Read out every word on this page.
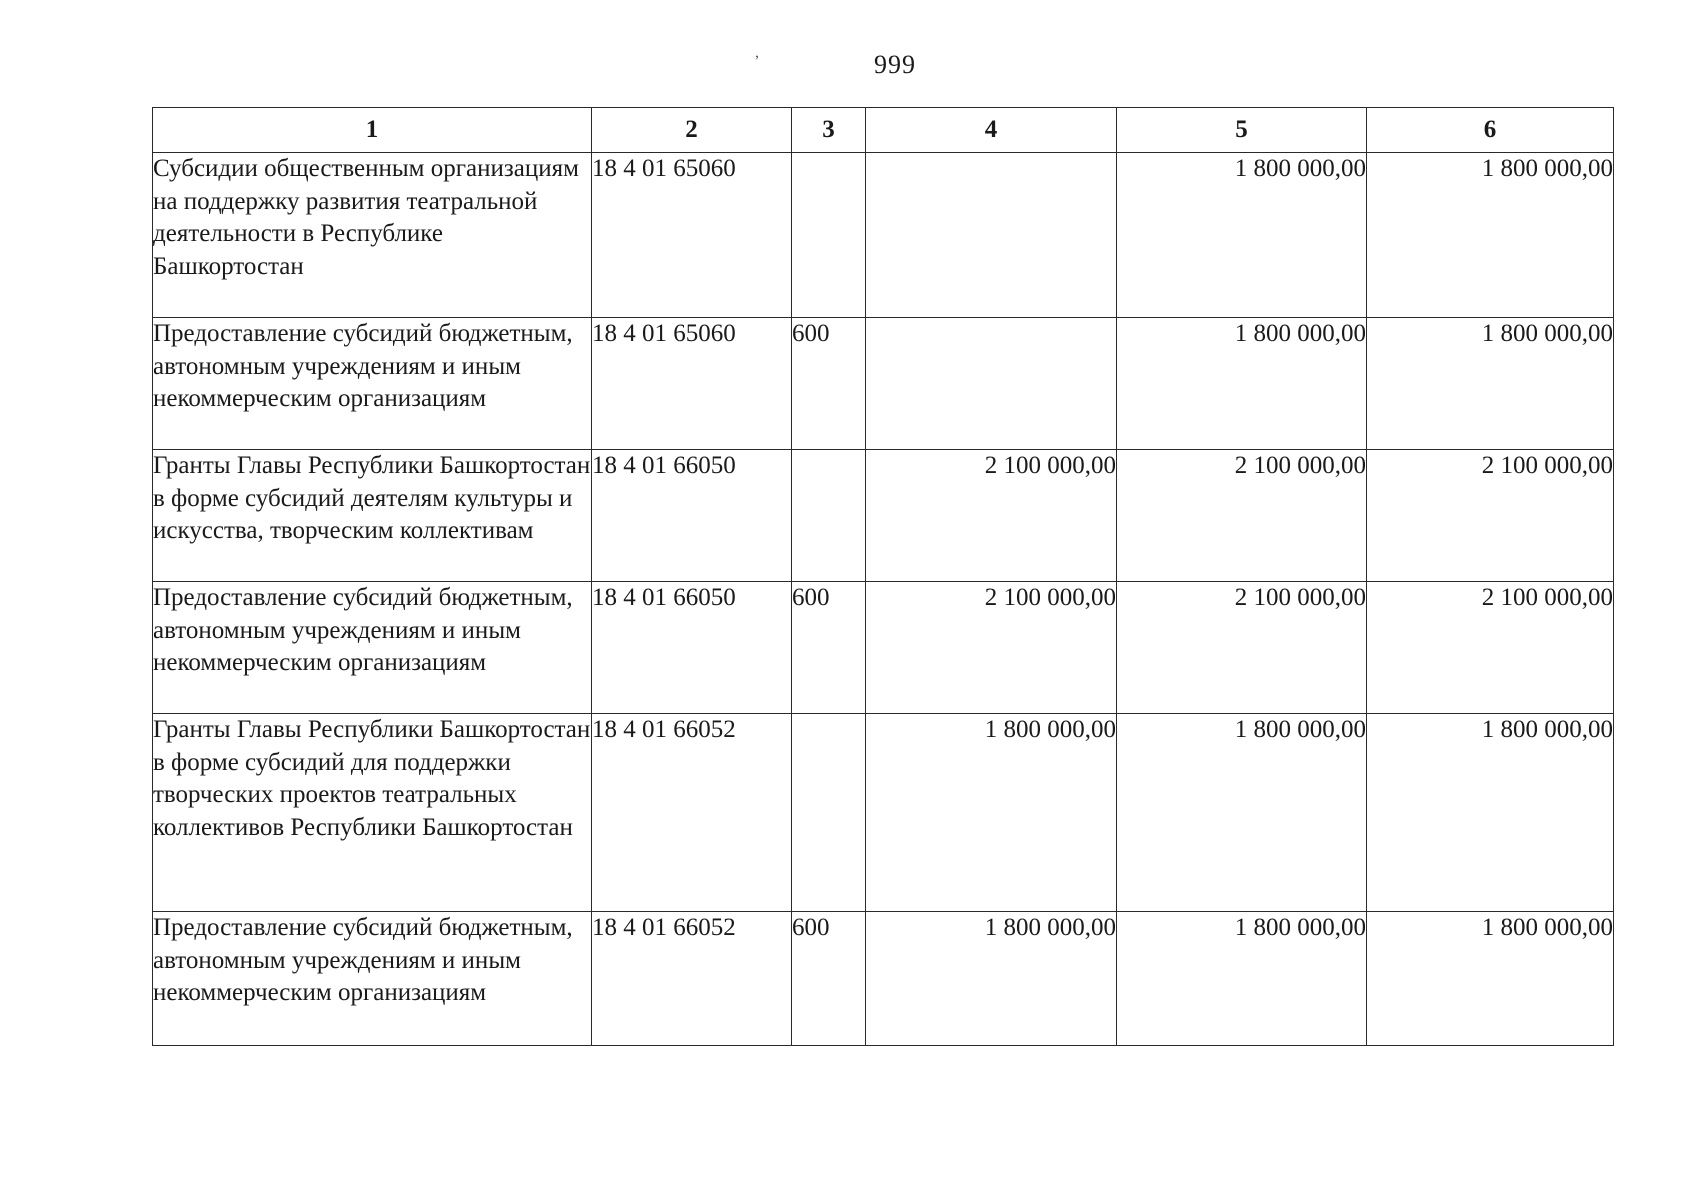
,	999
1	2	3	4	5	6
Субсидии общественным организациям на поддержку развития театральной деятельности в Республике Башкортостан	18 4 01 65060			1 800 000,00	1 800 000,00
Предоставление субсидий бюджетным, автономным учреждениям и иным некоммерческим организациям	18 4 01 65060	600		1 800 000,00	1 800 000,00
Гранты Главы Республики Башкортостан в форме субсидий деятелям культуры и искусства, творческим коллективам	18 4 01 66050		2 100 000,00	2 100 000,00	2 100 000,00
Предоставление субсидий бюджетным, автономным учреждениям и иным некоммерческим организациям	18 4 01 66050	600	2 100 000,00	2 100 000,00	2 100 000,00
Гранты Главы Республики Башкортостан в форме субсидий для поддержки творческих проектов театральных коллективов Республики Башкортостан	18 4 01 66052		1 800 000,00	1 800 000,00	1 800 000,00
Предоставление субсидий бюджетным, автономным учреждениям и иным некоммерческим организациям	18 4 01 66052	600	1 800 000,00	1 800 000,00	1 800 000,00
